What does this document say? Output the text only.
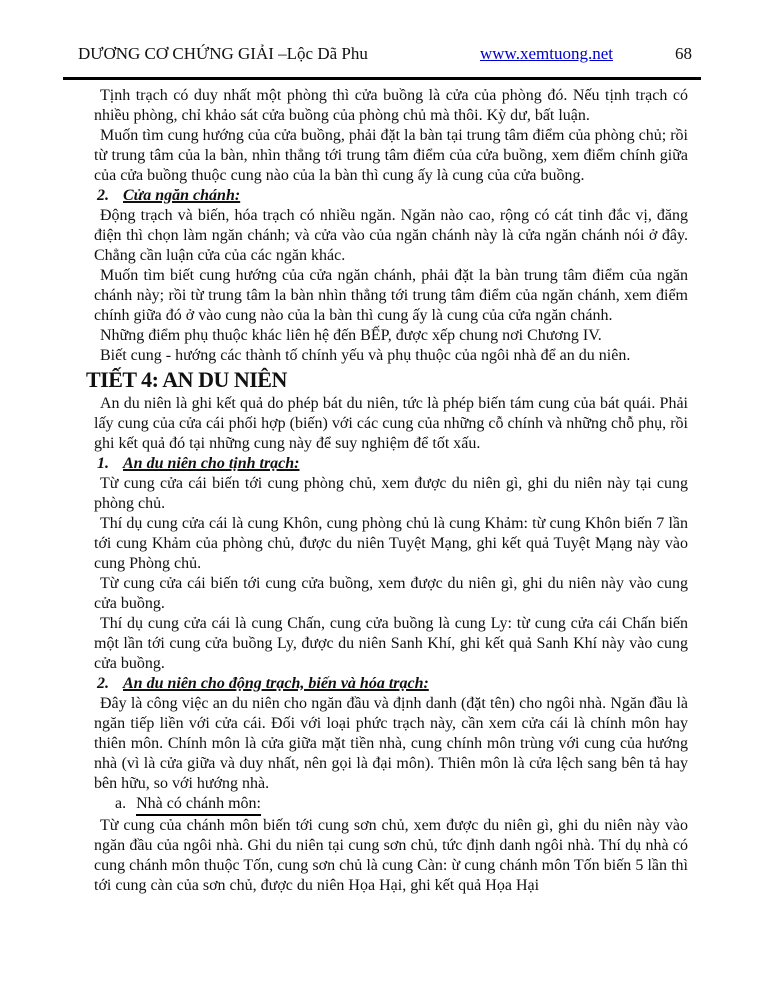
DƯƠNG CƠ CHỨNG GIẢI –Lộc Dã Phu	www.xemtuong.net	68

Tịnh trạch có duy nhất một phòng thì cửa buồng là cửa của phòng đó. Nếu tịnh trạch có nhiều phòng, chỉ khảo sát cửa buồng của phòng chủ mà thôi. Kỳ dư, bất luận.

Muốn tìm cung hướng của cửa buồng, phải đặt la bàn tại trung tâm điểm của phòng chủ; rồi từ trung tâm của la bàn, nhìn thẳng tới trung tâm điểm của cửa buồng, xem điểm chính giữa của cửa buồng thuộc cung nào của la bàn thì cung ấy là cung của cửa buồng.

2. Cửa ngăn chánh:

Động trạch và biến, hóa trạch có nhiều ngăn. Ngăn nào cao, rộng có cát tinh đắc vị, đăng điện thì chọn làm ngăn chánh; và cửa vào của ngăn chánh này là cửa ngăn chánh nói ở đây. Chẳng cần luận cửa của các ngăn khác.

Muốn tìm biết cung hướng của cửa ngăn chánh, phải đặt la bàn trung tâm điểm của ngăn chánh này; rồi từ trung tâm la bàn nhìn thẳng tới trung tâm điểm của ngăn chánh, xem điểm chính giữa đó ở vào cung nào của la bàn thì cung ấy là cung của cửa ngăn chánh.

Những điểm phụ thuộc khác liên hệ đến BẾP, được xếp chung nơi Chương IV.

Biết cung - hướng các thành tố chính yếu và phụ thuộc của ngôi nhà để an du niên.

TIẾT 4: AN DU NIÊN

An du niên là ghi kết quả do phép bát du niên, tức là phép biến tám cung của bát quái. Phải lấy cung của cửa cái phối hợp (biến) với các cung của những cỗ chính và những chỗ phụ, rồi ghi kết quả đó tại những cung này để suy nghiệm để tốt xấu.

1. An du niên cho tịnh trạch:

Từ cung cửa cái biến tới cung phòng chủ, xem được du niên gì, ghi du niên này tại cung phòng chủ.

Thí dụ cung cửa cái là cung Khôn, cung phòng chủ là cung Khảm: từ cung Khôn biến 7 lần tới cung Khảm của phòng chủ, được du niên Tuyệt Mạng, ghi kết quả Tuyệt Mạng này vào cung Phòng chủ.

Từ cung cửa cái biến tới cung cửa buồng, xem được du niên gì, ghi du niên này vào cung cửa buồng.

Thí dụ cung cửa cái là cung Chấn, cung cửa buồng là cung Ly: từ cung cửa cái Chấn biến một lần tới cung cửa buồng Ly, được du niên Sanh Khí, ghi kết quả Sanh Khí này vào cung cửa buồng.

2. An du niên cho động trạch, biến và hóa trạch:

Đây là công việc an du niên cho ngăn đầu và định danh (đặt tên) cho ngôi nhà. Ngăn đầu là ngăn tiếp liền với cửa cái. Đối với loại phức trạch này, cần xem cửa cái là chính môn hay thiên môn. Chính môn là cửa giữa mặt tiền nhà, cung chính môn trùng với cung của hướng nhà (vì là cửa giữa và duy nhất, nên gọi là đại môn). Thiên môn là cửa lệch sang bên tả hay bên hữu, so với hướng nhà.

a. Nhà có chánh môn:

Từ cung của chánh môn biến tới cung sơn chủ, xem được du niên gì, ghi du niên này vào ngăn đầu của ngôi nhà. Ghi du niên tại cung sơn chủ, tức định danh ngôi nhà. Thí dụ nhà có cung chánh môn thuộc Tốn, cung sơn chủ là cung Càn: ừ cung chánh môn Tốn biến 5 lần thì tới cung càn của sơn chủ, được du niên Họa Hại, ghi kết quả Họa Hại
